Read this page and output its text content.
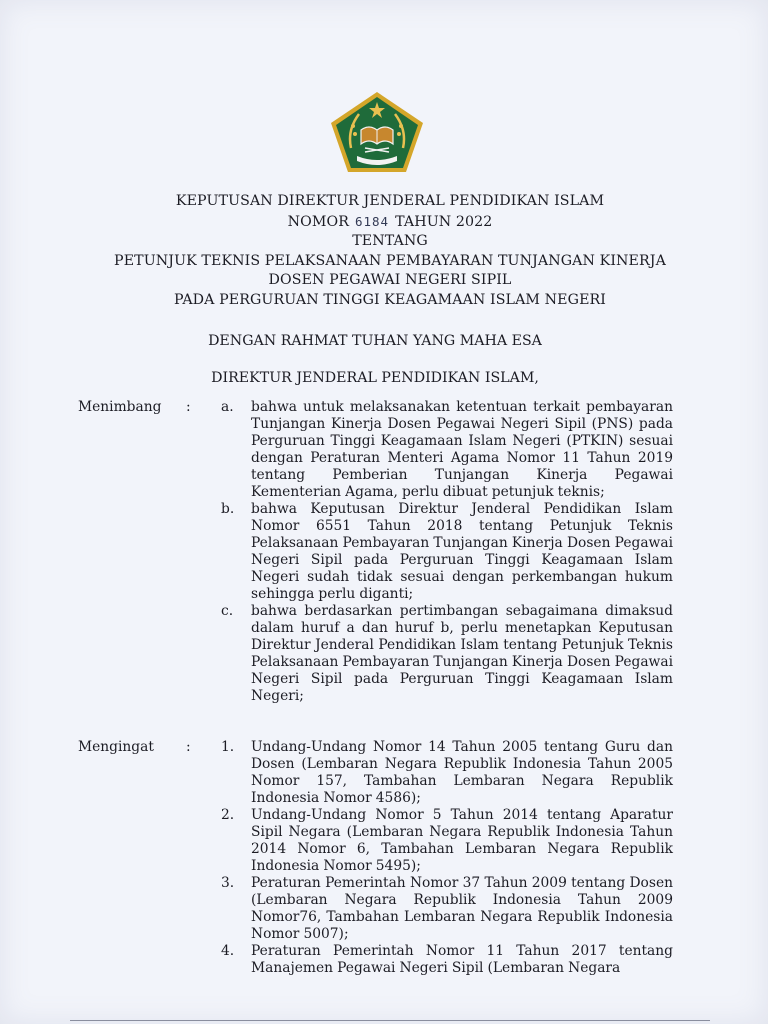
KEPUTUSAN DIREKTUR JENDERAL PENDIDIKAN ISLAM
NOMOR 6184 TAHUN 2022
TENTANG
PETUNJUK TEKNIS PELAKSANAAN PEMBAYARAN TUNJANGAN KINERJA
DOSEN PEGAWAI NEGERI SIPIL
PADA PERGURUAN TINGGI KEAGAMAAN ISLAM NEGERI
DENGAN RAHMAT TUHAN YANG MAHA ESA
DIREKTUR JENDERAL PENDIDIKAN ISLAM,
Menimbang : a.	bahwa untuk melaksanakan ketentuan terkait pembayaran Tunjangan Kinerja Dosen Pegawai Negeri Sipil (PNS) pada Perguruan Tinggi Keagamaan Islam Negeri (PTKIN) sesuai dengan Peraturan Menteri Agama Nomor 11 Tahun 2019 tentang Pemberian Tunjangan Kinerja Pegawai Kementerian Agama, perlu dibuat petunjuk teknis;
b.	bahwa Keputusan Direktur Jenderal Pendidikan Islam Nomor 6551 Tahun 2018 tentang Petunjuk Teknis Pelaksanaan Pembayaran Tunjangan Kinerja Dosen Pegawai Negeri Sipil pada Perguruan Tinggi Keagamaan Islam Negeri sudah tidak sesuai dengan perkembangan hukum sehingga perlu diganti;
c.	bahwa berdasarkan pertimbangan sebagaimana dimaksud dalam huruf a dan huruf b, perlu menetapkan Keputusan Direktur Jenderal Pendidikan Islam tentang Petunjuk Teknis Pelaksanaan Pembayaran Tunjangan Kinerja Dosen Pegawai Negeri Sipil pada Perguruan Tinggi Keagamaan Islam Negeri;
Mengingat : 1.	Undang-Undang Nomor 14 Tahun 2005 tentang Guru dan Dosen (Lembaran Negara Republik Indonesia Tahun 2005 Nomor 157, Tambahan Lembaran Negara Republik Indonesia Nomor 4586);
2.	Undang-Undang Nomor 5 Tahun 2014 tentang Aparatur Sipil Negara (Lembaran Negara Republik Indonesia Tahun 2014 Nomor 6, Tambahan Lembaran Negara Republik Indonesia Nomor 5495);
3.	Peraturan Pemerintah Nomor 37 Tahun 2009 tentang Dosen (Lembaran Negara Republik Indonesia Tahun 2009 Nomor76, Tambahan Lembaran Negara Republik Indonesia Nomor 5007);
4.	Peraturan Pemerintah Nomor 11 Tahun 2017 tentang Manajemen Pegawai Negeri Sipil (Lembaran Negara
